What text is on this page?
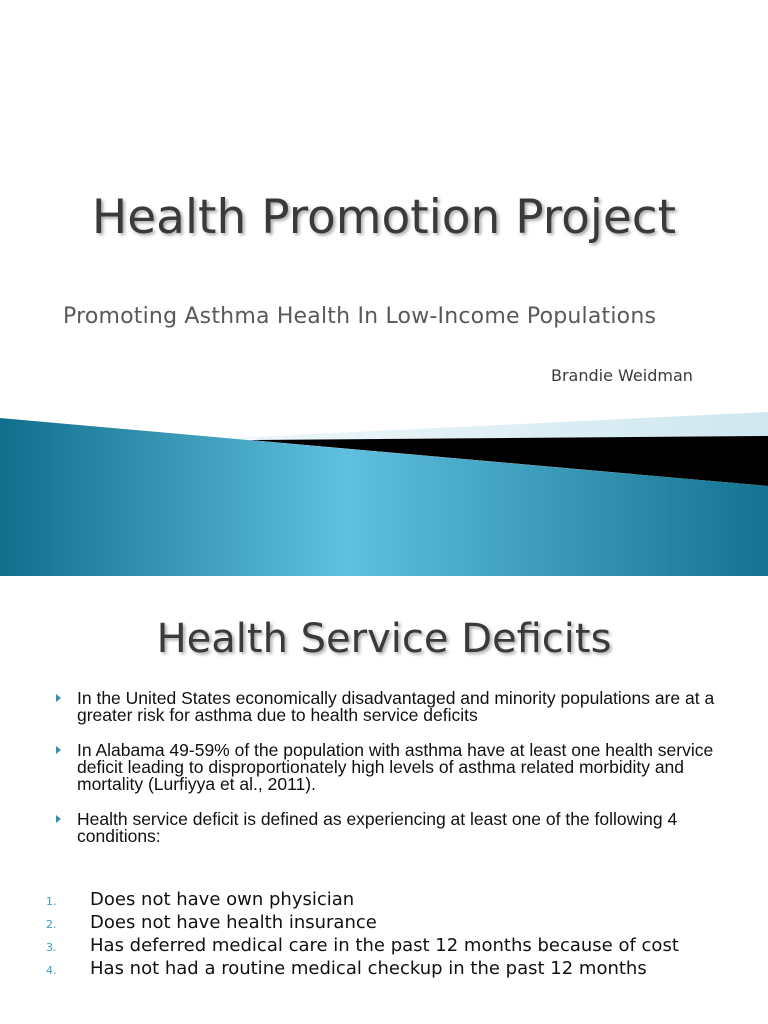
Health Promotion Project
Promoting Asthma Health In Low-Income Populations
Brandie Weidman
Health Service Deficits
In the United States economically disadvantaged and minority populations are at a greater risk for asthma due to health service deficits
In Alabama 49-59% of the population with asthma have at least one health service deficit leading to disproportionately high levels of asthma related morbidity and mortality (Lurfiyya et al., 2011).
Health service deficit is defined as experiencing at least one of the following 4 conditions:
1. Does not have own physician
2. Does not have health insurance
3. Has deferred medical care in the past 12 months because of cost
4. Has not had a routine medical checkup in the past 12 months
